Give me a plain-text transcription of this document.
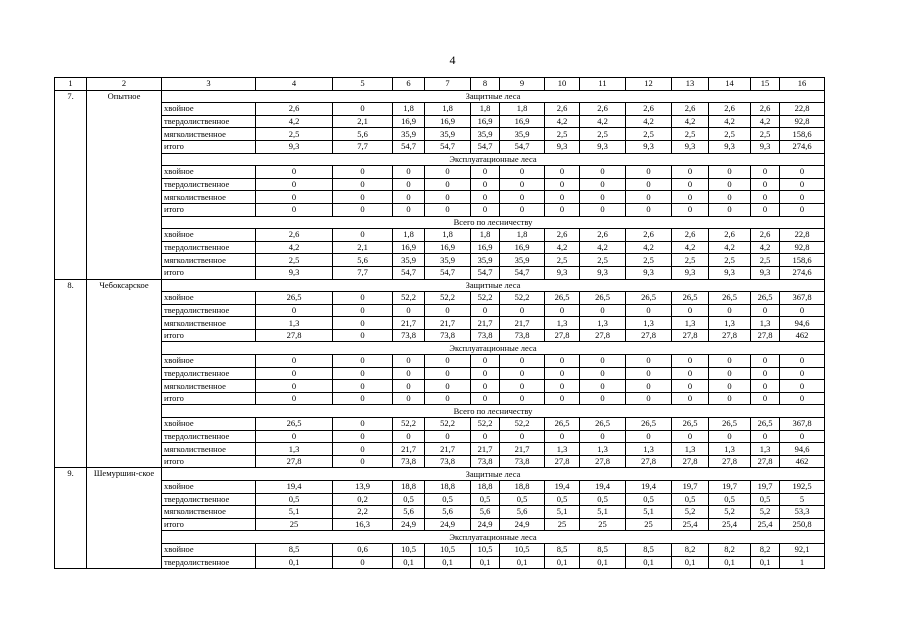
4
1	2	3	4	5	6	7	8	9	10	11	12	13	14	15	16
7.	Опытное	Защитные леса													
		хвойное	2,6	0	1,8	1,8	1,8	1,8	2,6	2,6	2,6	2,6	2,6	2,6	22,8
		твердолиственное	4,2	2,1	16,9	16,9	16,9	16,9	4,2	4,2	4,2	4,2	4,2	4,2	92,8
		мягколиственное	2,5	5,6	35,9	35,9	35,9	35,9	2,5	2,5	2,5	2,5	2,5	2,5	158,6
		итого	9,3	7,7	54,7	54,7	54,7	54,7	9,3	9,3	9,3	9,3	9,3	9,3	274,6
		Эксплуатационные леса													
		хвойное	0	0	0	0	0	0	0	0	0	0	0	0	0
		твердолиственное	0	0	0	0	0	0	0	0	0	0	0	0	0
		мягколиственное	0	0	0	0	0	0	0	0	0	0	0	0	0
		итого	0	0	0	0	0	0	0	0	0	0	0	0	0
		Всего по лесничеству													
		хвойное	2,6	0	1,8	1,8	1,8	1,8	2,6	2,6	2,6	2,6	2,6	2,6	22,8
		твердолиственное	4,2	2,1	16,9	16,9	16,9	16,9	4,2	4,2	4,2	4,2	4,2	4,2	92,8
		мягколиственное	2,5	5,6	35,9	35,9	35,9	35,9	2,5	2,5	2,5	2,5	2,5	2,5	158,6
		итого	9,3	7,7	54,7	54,7	54,7	54,7	9,3	9,3	9,3	9,3	9,3	9,3	274,6
8.	Чебоксарское	Защитные леса													
		хвойное	26,5	0	52,2	52,2	52,2	52,2	26,5	26,5	26,5	26,5	26,5	26,5	367,8
		твердолиственное	0	0	0	0	0	0	0	0	0	0	0	0	0
		мягколиственное	1,3	0	21,7	21,7	21,7	21,7	1,3	1,3	1,3	1,3	1,3	1,3	94,6
		итого	27,8	0	73,8	73,8	73,8	73,8	27,8	27,8	27,8	27,8	27,8	27,8	462
		Эксплуатационные леса													
		хвойное	0	0	0	0	0	0	0	0	0	0	0	0	0
		твердолиственное	0	0	0	0	0	0	0	0	0	0	0	0	0
		мягколиственное	0	0	0	0	0	0	0	0	0	0	0	0	0
		итого	0	0	0	0	0	0	0	0	0	0	0	0	0
		Всего по лесничеству													
		хвойное	26,5	0	52,2	52,2	52,2	52,2	26,5	26,5	26,5	26,5	26,5	26,5	367,8
		твердолиственное	0	0	0	0	0	0	0	0	0	0	0	0	0
		мягколиственное	1,3	0	21,7	21,7	21,7	21,7	1,3	1,3	1,3	1,3	1,3	1,3	94,6
		итого	27,8	0	73,8	73,8	73,8	73,8	27,8	27,8	27,8	27,8	27,8	27,8	462
9.	Шемуршин-ское	Защитные леса													
		хвойное	19,4	13,9	18,8	18,8	18,8	18,8	19,4	19,4	19,4	19,7	19,7	19,7	192,5
		твердолиственное	0,5	0,2	0,5	0,5	0,5	0,5	0,5	0,5	0,5	0,5	0,5	0,5	5
		мягколиственное	5,1	2,2	5,6	5,6	5,6	5,6	5,1	5,1	5,1	5,2	5,2	5,2	53,3
		итого	25	16,3	24,9	24,9	24,9	24,9	25	25	25	25,4	25,4	25,4	250,8
		Эксплуатационные леса													
		хвойное	8,5	0,6	10,5	10,5	10,5	10,5	8,5	8,5	8,5	8,2	8,2	8,2	92,1
		твердолиственное	0,1	0	0,1	0,1	0,1	0,1	0,1	0,1	0,1	0,1	0,1	0,1	1
